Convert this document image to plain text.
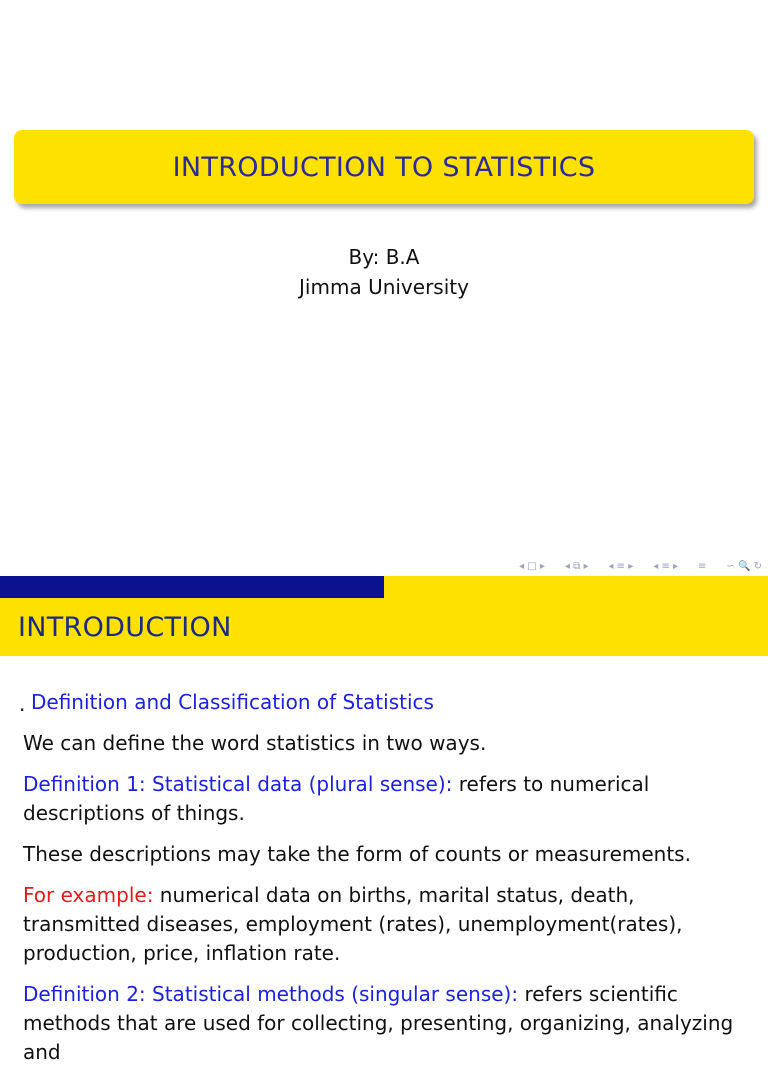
INTRODUCTION TO STATISTICS
By: B.A
Jimma University
◂ □ ▸ ◂ ⧉ ▸ ◂ ≡ ▸ ◂ ≡ ▸ ≡ ∽ 🔍 ↻
INTRODUCTION

. Definition and Classification of Statistics

We can define the word statistics in two ways.

Definition 1: Statistical data (plural sense): refers to numerical descriptions of things.

These descriptions may take the form of counts or measurements.

For example: numerical data on births, marital status, death, transmitted diseases, employment (rates), unemployment(rates), production, price, inflation rate.

Definition 2: Statistical methods (singular sense): refers scientific methods that are used for collecting, presenting, organizing, analyzing and
